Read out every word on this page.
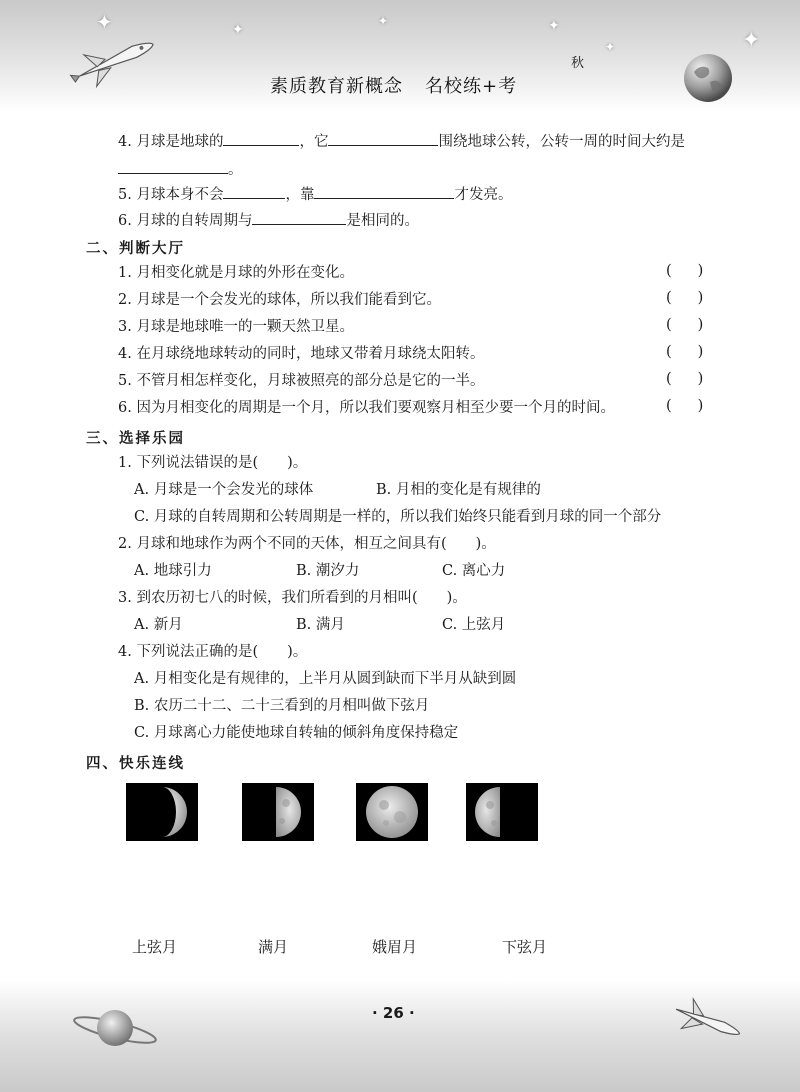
✦	✦
✦	✦
✦	✦
素质教育新概念 名校练+考
秋
4. 月球是地球的	，它	围绕地球公转，公转一周的时间大约是
。
5. 月球本身不会	，靠	才发亮。
6. 月球的自转周期与	是相同的。
二、判断大厅
1. 月相变化就是月球的外形在变化。	( )
2. 月球是一个会发光的球体，所以我们能看到它。	( )
3. 月球是地球唯一的一颗天然卫星。	( )
4. 在月球绕地球转动的同时，地球又带着月球绕太阳转。	( )
5. 不管月相怎样变化，月球被照亮的部分总是它的一半。	( )
6. 因为月相变化的周期是一个月，所以我们要观察月相至少要一个月的时间。	( )
三、选择乐园
1. 下列说法错误的是(　　)。
A. 月球是一个会发光的球体	B. 月相的变化是有规律的
C. 月球的自转周期和公转周期是一样的，所以我们始终只能看到月球的同一个部分
2. 月球和地球作为两个不同的天体，相互之间具有(　　)。
A. 地球引力	B. 潮汐力	C. 离心力
3. 到农历初七八的时候，我们所看到的月相叫(　　)。
A. 新月	B. 满月	C. 上弦月
4. 下列说法正确的是(　　)。
A. 月相变化是有规律的，上半月从圆到缺而下半月从缺到圆
B. 农历二十二、二十三看到的月相叫做下弦月
C. 月球离心力能使地球自转轴的倾斜角度保持稳定
四、快乐连线
上弦月	满月	娥眉月	下弦月
· 26 ·
